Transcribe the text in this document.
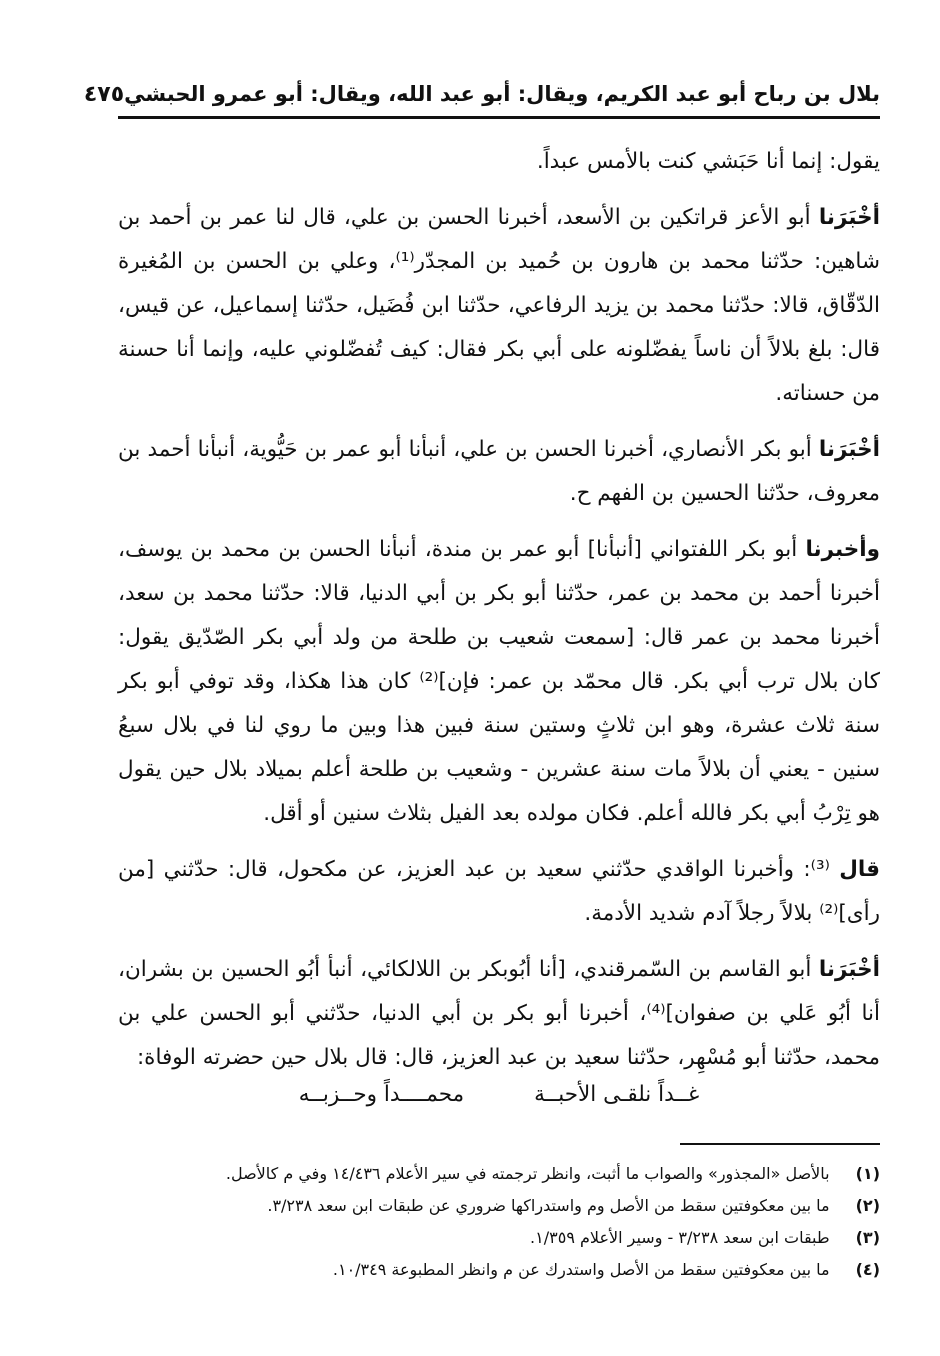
بلال بن رباح أبو عبد الكريم، ويقال: أبو عبد الله، ويقال: أبو عمرو الحبشي
٤٧٥

يقول: إنما أنا حَبَشي كنت بالأمس عبداً.

أخْبَرَنا أبو الأعز قراتكين بن الأسعد، أخبرنا الحسن بن علي، قال لنا عمر بن أحمد بن شاهين: حدّثنا محمد بن هارون بن حُميد بن المجدّر⁽¹⁾، وعلي بن الحسن بن المُغيرة الدّقّاق، قالا: حدّثنا محمد بن يزيد الرفاعي، حدّثنا ابن فُضَيل، حدّثنا إسماعيل، عن قيس، قال: بلغ بلالاً أن ناساً يفضّلونه على أبي بكر فقال: كيف تُفضّلوني عليه، وإنما أنا حسنة من حسناته.

أخْبَرَنا أبو بكر الأنصاري، أخبرنا الحسن بن علي، أنبأنا أبو عمر بن حَيُّوية، أنبأنا أحمد بن معروف، حدّثنا الحسين بن الفهم ح.

وأخبرنا أبو بكر اللفتواني [أنبأنا] أبو عمر بن مندة، أنبأنا الحسن بن محمد بن يوسف، أخبرنا أحمد بن محمد بن عمر، حدّثنا أبو بكر بن أبي الدنيا، قالا: حدّثنا محمد بن سعد، أخبرنا محمد بن عمر قال: [سمعت شعيب بن طلحة من ولد أبي بكر الصّدّيق يقول: كان بلال ترب أبي بكر. قال محمّد بن عمر: فإن]⁽²⁾ كان هذا هكذا، وقد توفي أبو بكر سنة ثلاث عشرة، وهو ابن ثلاثٍ وستين سنة فبين هذا وبين ما روي لنا في بلال سبعُ سنين - يعني أن بلالاً مات سنة عشرين - وشعيب بن طلحة أعلم بميلاد بلال حين يقول هو تِرْبُ أبي بكر فالله أعلم. فكان مولده بعد الفيل بثلاث سنين أو أقل.

قال ⁽³⁾: وأخبرنا الواقدي حدّثني سعيد بن عبد العزيز، عن مكحول، قال: حدّثني [من رأى]⁽²⁾ بلالاً رجلاً آدم شديد الأدمة.

أخْبَرَنا أبو القاسم بن السّمرقندي، [أنا أبُوبكر بن اللالكائي، أنبأ أبُو الحسين بن بشران، أنا أبُو عَلي بن صفوان]⁽⁴⁾، أخبرنا أبو بكر بن أبي الدنيا، حدّثني أبو الحسن علي بن محمد، حدّثنا أبو مُسْهِر، حدّثنا سعيد بن عبد العزيز، قال: قال بلال حين حضرته الوفاة:

غــداً نلقـى الأحبــة
محمــــداً وحــزبــه
(١)
بالأصل «المجذور» والصواب ما أثبت، وانظر ترجمته في سير الأعلام ١٤/٤٣٦ وفي م كالأصل.
(٢)
ما بين معكوفتين سقط من الأصل وم واستدراكها ضروري عن طبقات ابن سعد ٣/٢٣٨.
(٣)
طبقات ابن سعد ٣/٢٣٨ - وسير الأعلام ١/٣٥٩.
(٤)
ما بين معكوفتين سقط من الأصل واستدرك عن م وانظر المطبوعة ١٠/٣٤٩.
